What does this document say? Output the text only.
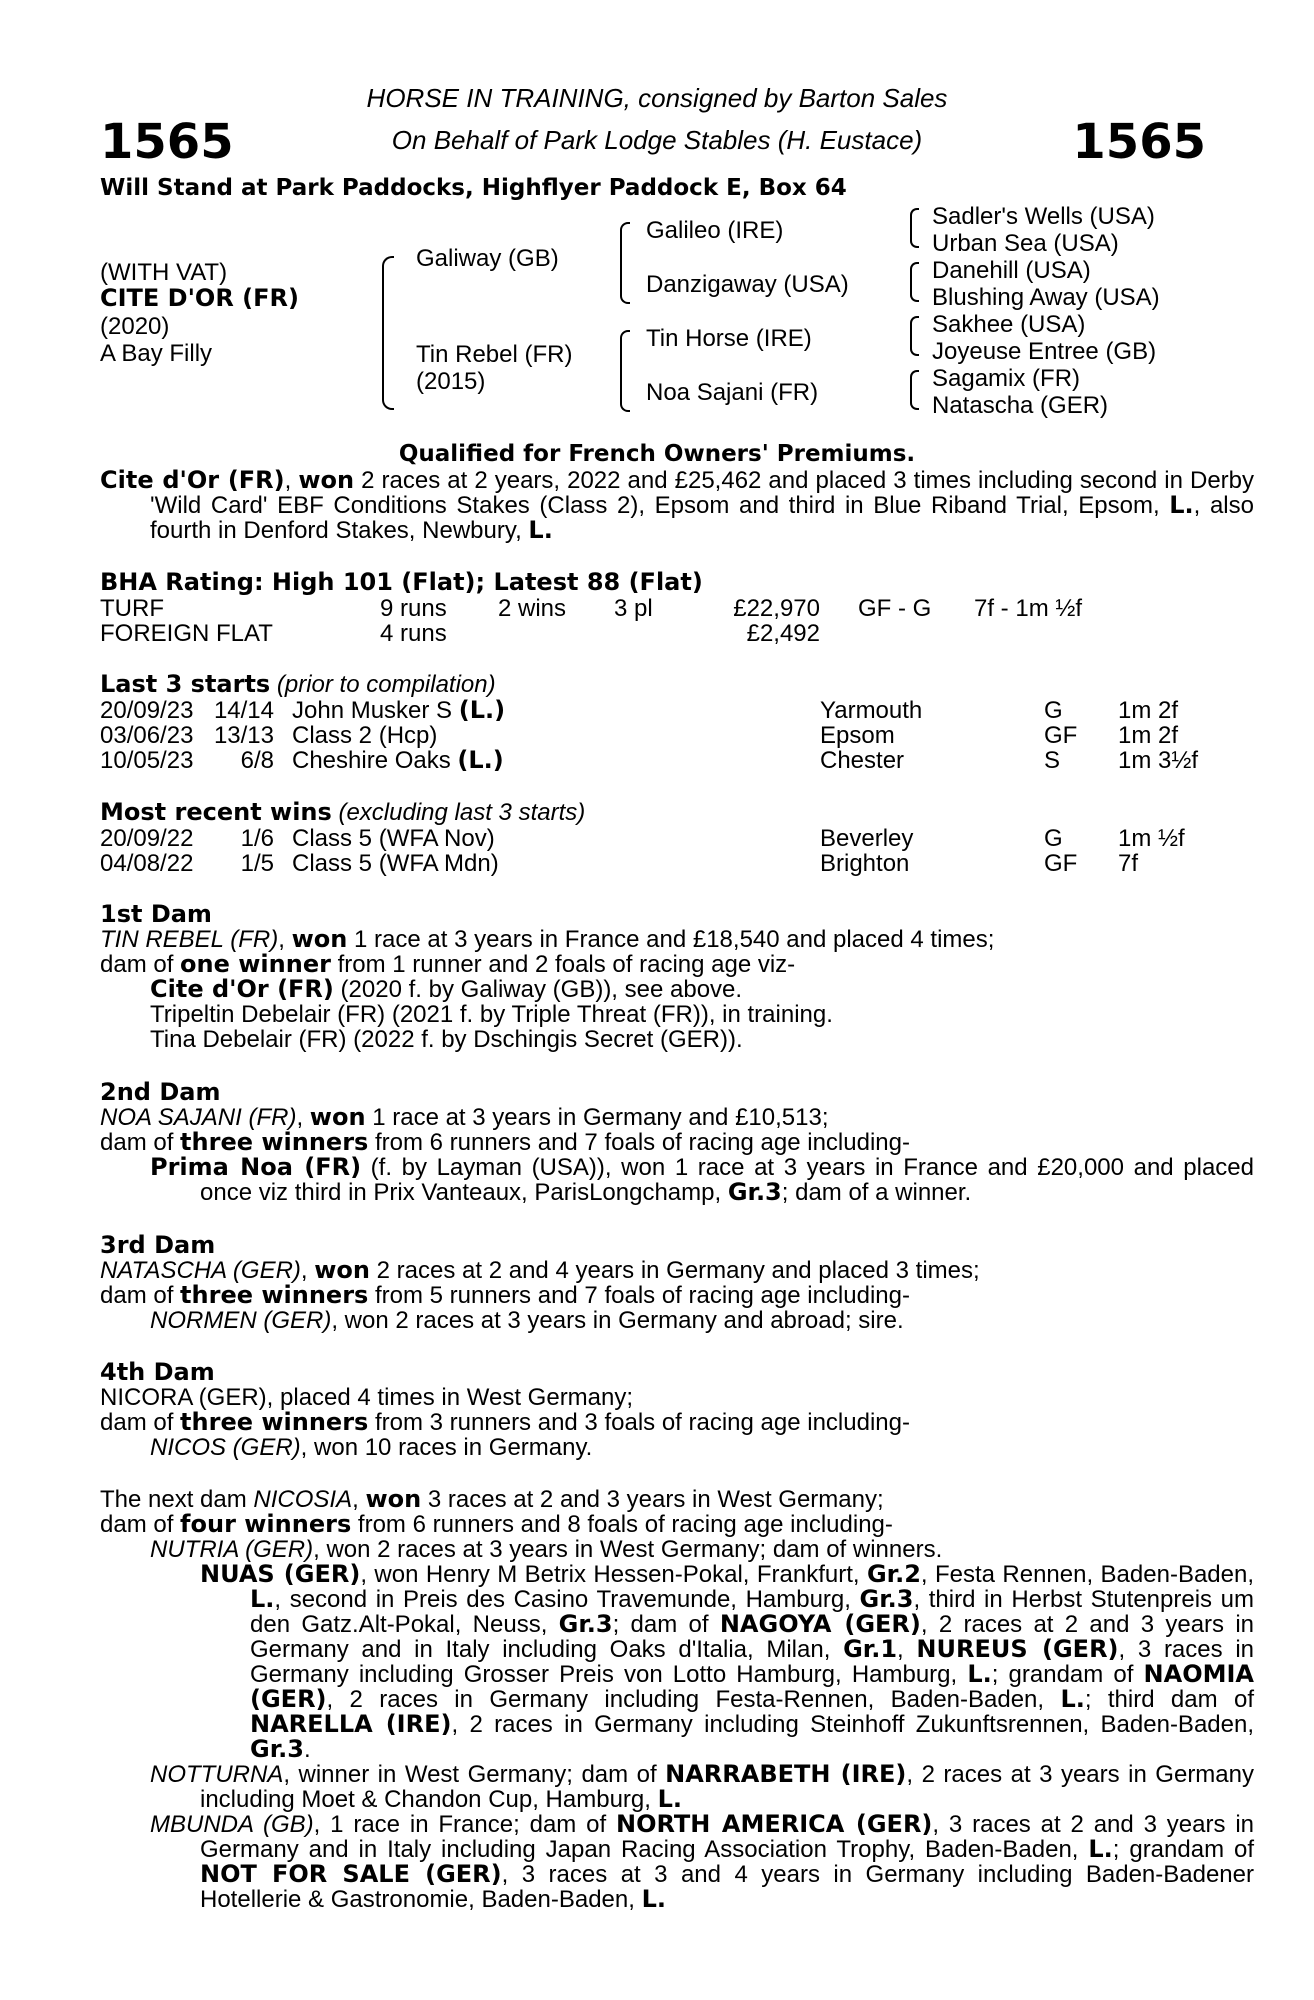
1565	1565
HORSE IN TRAINING, consigned by Barton Sales
On Behalf of Park Lodge Stables (H. Eustace)
Will Stand at Park Paddocks, Highflyer Paddock E, Box 64
(WITH VAT)
CITE D'OR (FR)
(2020)
A Bay Filly
Galiway (GB)
Tin Rebel (FR)
(2015)
Galileo (IRE)
Danzigaway (USA)
Tin Horse (IRE)
Noa Sajani (FR)
Sadler's Wells (USA)
Urban Sea (USA)
Danehill (USA)
Blushing Away (USA)
Sakhee (USA)
Joyeuse Entree (GB)
Sagamix (FR)
Natascha (GER)
Qualified for French Owners' Premiums.

Cite d'Or (FR), won 2 races at 2 years, 2022 and £25,462 and placed 3 times including second in Derby 'Wild Card' EBF Conditions Stakes (Class 2), Epsom and third in Blue Riband Trial, Epsom, L., also fourth in Denford Stakes, Newbury, L.

BHA Rating: High 101 (Flat); Latest 88 (Flat)
TURF	9 runs 2 wins 3 pl	£22,970 GF - G 7f - 1m ½f
FOREIGN FLAT	4 runs	£2,492
Last 3 starts (prior to compilation)
20/09/23 14/14 John Musker S (L.)	Yarmouth	G 1m 2f
03/06/23 13/13 Class 2 (Hcp)	Epsom	GF 1m 2f
10/05/23 6/8 Cheshire Oaks (L.)	Chester	S 1m 3½f
Most recent wins (excluding last 3 starts)
20/09/22 1/6 Class 5 (WFA Nov)	Beverley	G 1m ½f
04/08/22 1/5 Class 5 (WFA Mdn)	Brighton	GF 7f
1st Dam
TIN REBEL (FR), won 1 race at 3 years in France and £18,540 and placed 4 times;
dam of one winner from 1 runner and 2 foals of racing age viz-
Cite d'Or (FR) (2020 f. by Galiway (GB)), see above.
Tripeltin Debelair (FR) (2021 f. by Triple Threat (FR)), in training.
Tina Debelair (FR) (2022 f. by Dschingis Secret (GER)).
2nd Dam
NOA SAJANI (FR), won 1 race at 3 years in Germany and £10,513;
dam of three winners from 6 runners and 7 foals of racing age including-

Prima Noa (FR) (f. by Layman (USA)), won 1 race at 3 years in France and £20,000 and placed once viz third in Prix Vanteaux, ParisLongchamp, Gr.3; dam of a winner.

3rd Dam
NATASCHA (GER), won 2 races at 2 and 4 years in Germany and placed 3 times;
dam of three winners from 5 runners and 7 foals of racing age including-
NORMEN (GER), won 2 races at 3 years in Germany and abroad; sire.
4th Dam
NICORA (GER), placed 4 times in West Germany;
dam of three winners from 3 runners and 3 foals of racing age including-
NICOS (GER), won 10 races in Germany.
The next dam NICOSIA, won 3 races at 2 and 3 years in West Germany;
dam of four winners from 6 runners and 8 foals of racing age including-
NUTRIA (GER), won 2 races at 3 years in West Germany; dam of winners.

NUAS (GER), won Henry M Betrix Hessen-Pokal, Frankfurt, Gr.2, Festa Rennen, Baden-Baden, L., second in Preis des Casino Travemunde, Hamburg, Gr.3, third in Herbst Stutenpreis um den Gatz.Alt-Pokal, Neuss, Gr.3; dam of NAGOYA (GER), 2 races at 2 and 3 years in Germany and in Italy including Oaks d'Italia, Milan, Gr.1, NUREUS (GER), 3 races in Germany including Grosser Preis von Lotto Hamburg, Hamburg, L.; grandam of NAOMIA (GER), 2 races in Germany including Festa-Rennen, Baden-Baden, L.; third dam of NARELLA (IRE), 2 races in Germany including Steinhoff Zukunftsrennen, Baden-Baden, Gr.3.

NOTTURNA, winner in West Germany; dam of NARRABETH (IRE), 2 races at 3 years in Germany including Moet & Chandon Cup, Hamburg, L.

MBUNDA (GB), 1 race in France; dam of NORTH AMERICA (GER), 3 races at 2 and 3 years in Germany and in Italy including Japan Racing Association Trophy, Baden-Baden, L.; grandam of NOT FOR SALE (GER), 3 races at 3 and 4 years in Germany including Baden-Badener Hotellerie & Gastronomie, Baden-Baden, L.
